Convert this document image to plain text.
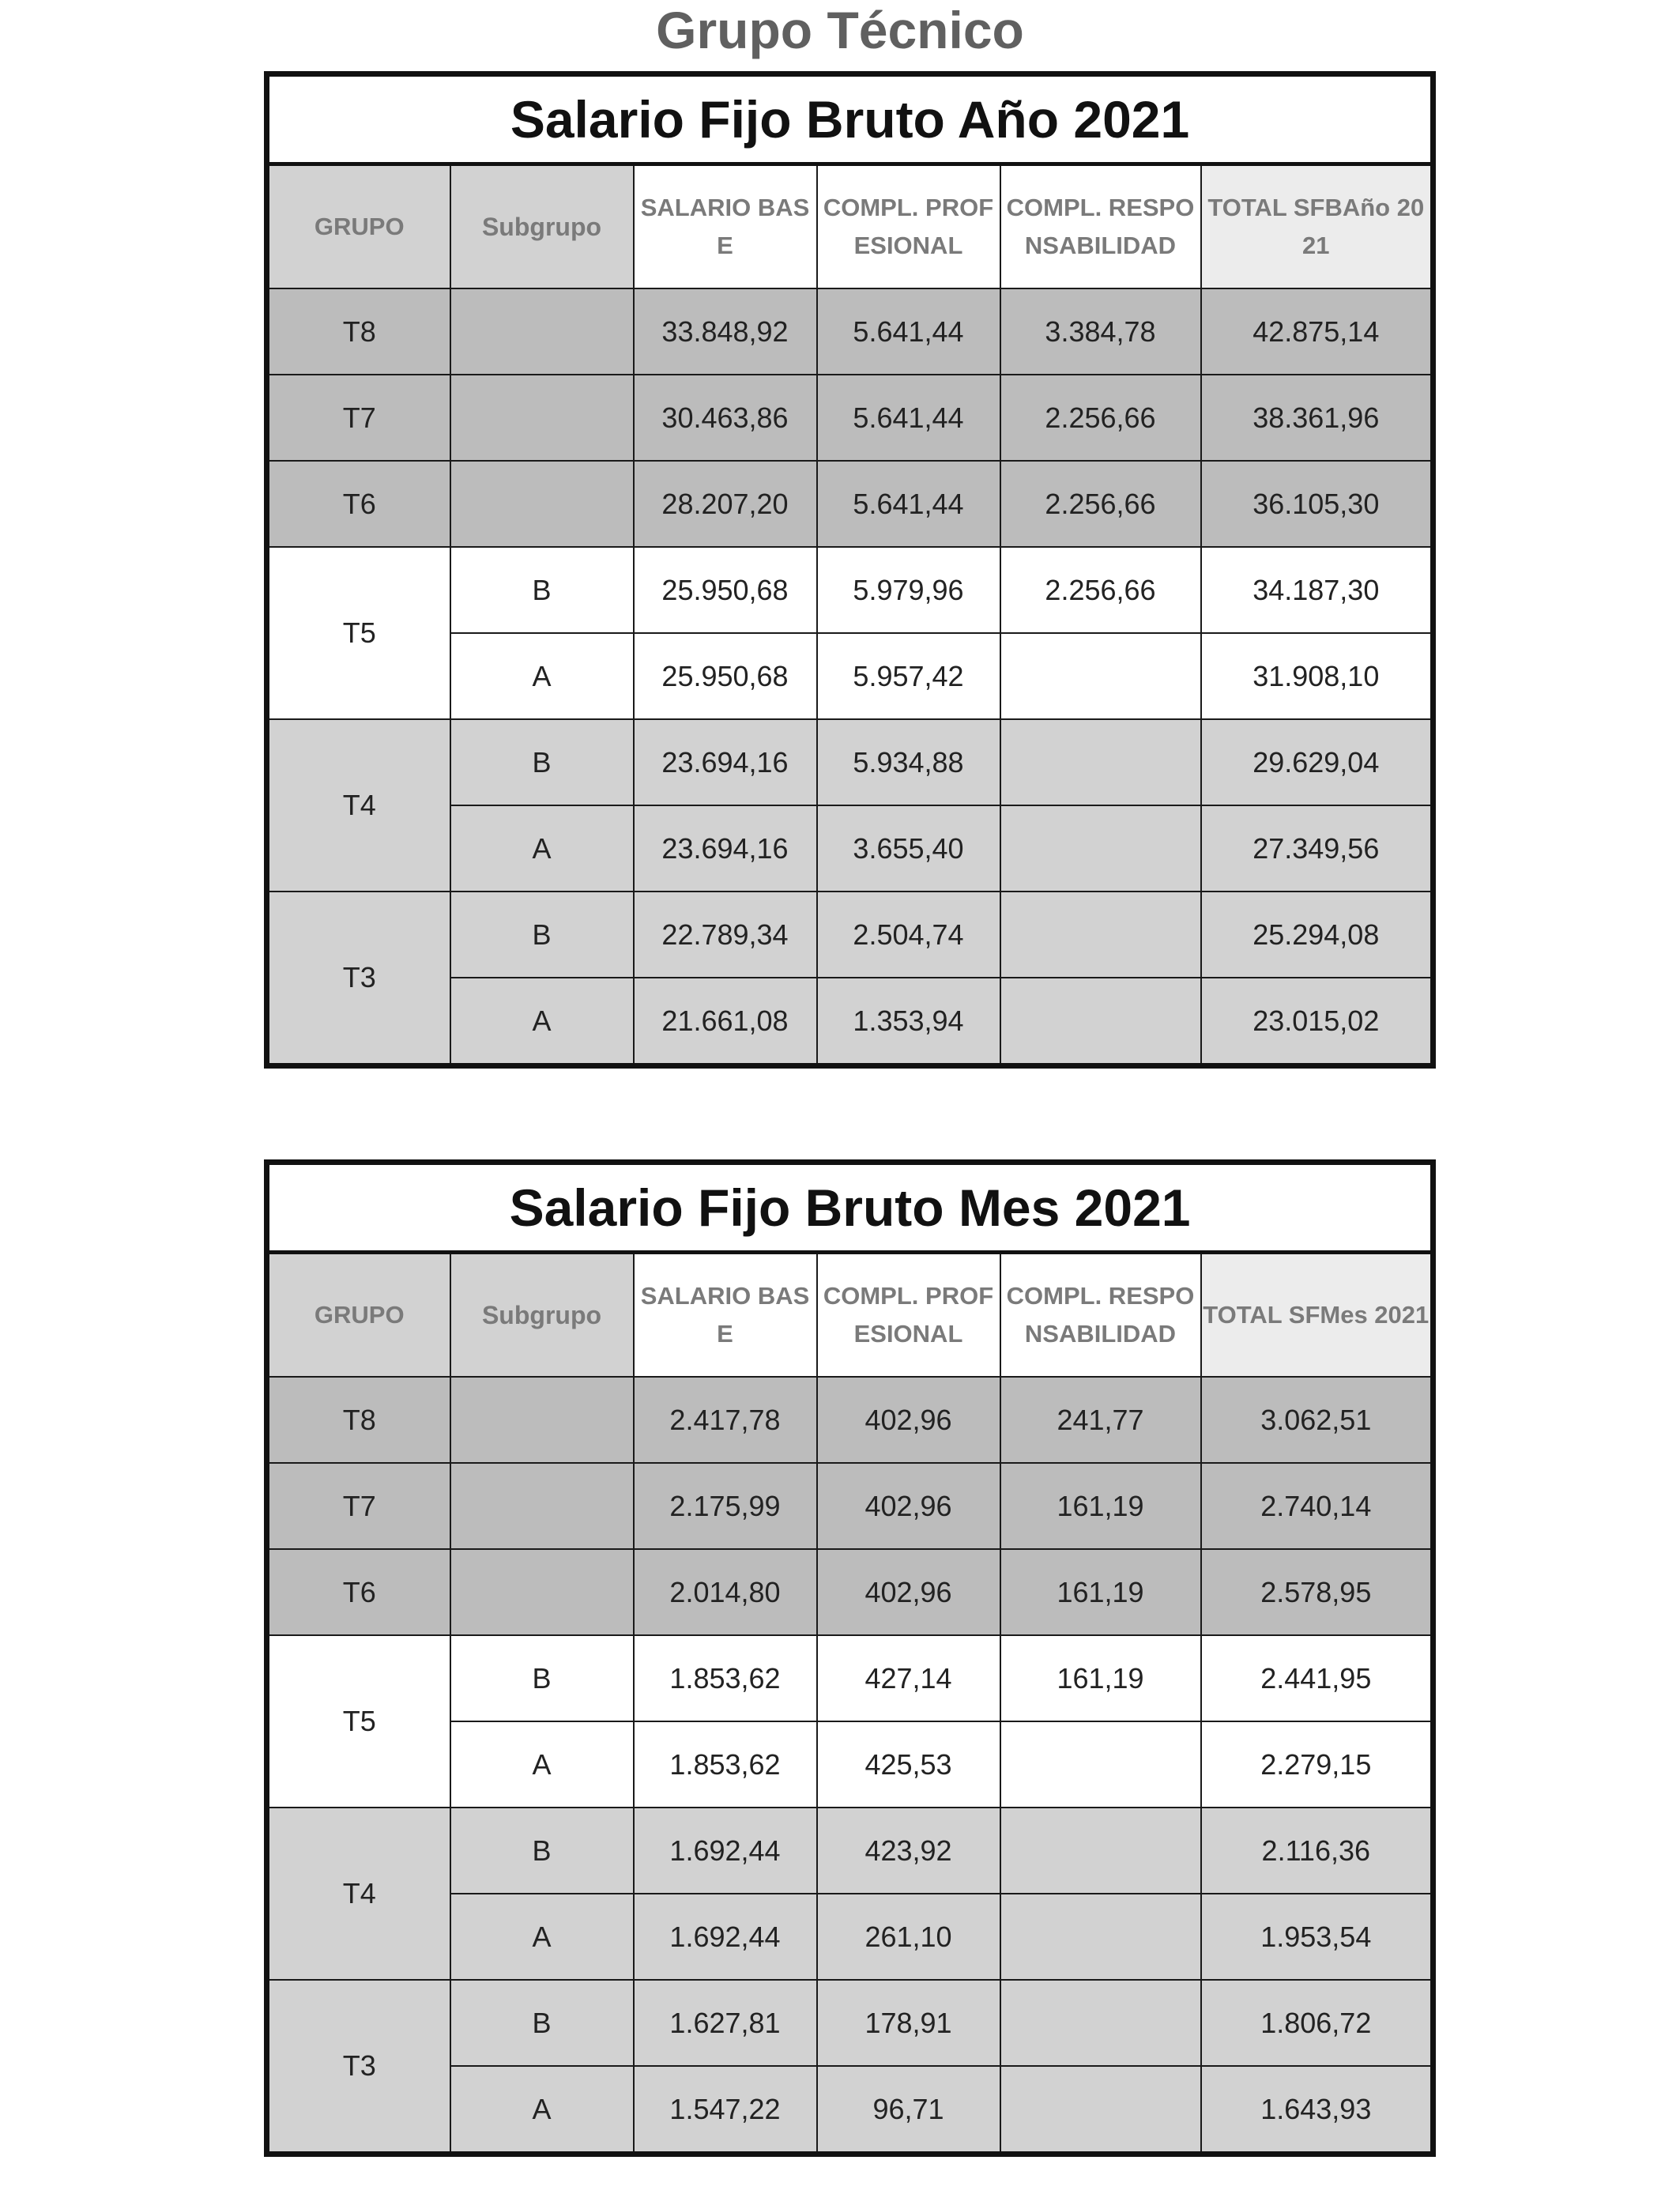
Grupo Técnico
Salario Fijo Bruto Año 2021					
GRUPO	Subgrupo	SALARIO BASE	COMPL. PROFESIONAL	COMPL. RESPONSABILIDAD	TOTAL SFBAño 2021
T8		33.848,92	5.641,44	3.384,78	42.875,14
T7		30.463,86	5.641,44	2.256,66	38.361,96
T6		28.207,20	5.641,44	2.256,66	36.105,30
T5	B	25.950,68	5.979,96	2.256,66	34.187,30
	A	25.950,68	5.957,42		31.908,10
T4	B	23.694,16	5.934,88		29.629,04
	A	23.694,16	3.655,40		27.349,56
T3	B	22.789,34	2.504,74		25.294,08
	A	21.661,08	1.353,94		23.015,02
Salario Fijo Bruto Mes 2021					
GRUPO	Subgrupo	SALARIO BASE	COMPL. PROFESIONAL	COMPL. RESPONSABILIDAD	TOTAL SFMes 2021
T8		2.417,78	402,96	241,77	3.062,51
T7		2.175,99	402,96	161,19	2.740,14
T6		2.014,80	402,96	161,19	2.578,95
T5	B	1.853,62	427,14	161,19	2.441,95
	A	1.853,62	425,53		2.279,15
T4	B	1.692,44	423,92		2.116,36
	A	1.692,44	261,10		1.953,54
T3	B	1.627,81	178,91		1.806,72
	A	1.547,22	96,71		1.643,93
